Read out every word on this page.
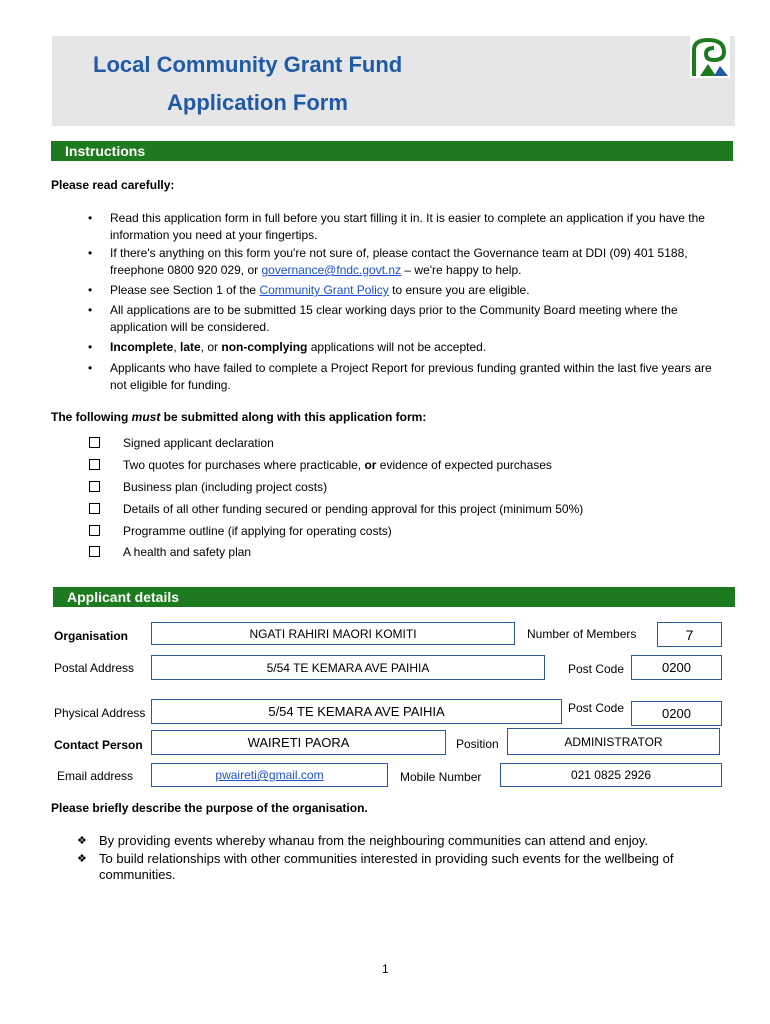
Local Community Grant Fund
Application Form
Instructions
Please read carefully:
• Read this application form in full before you start filling it in. It is easier to complete an application if you have the information you need at your fingertips.
• If there's anything on this form you're not sure of, please contact the Governance team at DDI (09) 401 5188, freephone 0800 920 029, or governance@fndc.govt.nz – we're happy to help.
• Please see Section 1 of the Community Grant Policy to ensure you are eligible.
• All applications are to be submitted 15 clear working days prior to the Community Board meeting where the application will be considered.
• Incomplete, late, or non-complying applications will not be accepted.
• Applicants who have failed to complete a Project Report for previous funding granted within the last five years are not eligible for funding.
The following must be submitted along with this application form:
Signed applicant declaration
Two quotes for purchases where practicable, or evidence of expected purchases
Business plan (including project costs)
Details of all other funding secured or pending approval for this project (minimum 50%)
Programme outline (if applying for operating costs)
A health and safety plan
Applicant details
Organisation	NGATI RAHIRI MAORI KOMITI	Number of Members	7
Postal Address	5/54 TE KEMARA AVE PAIHIA	Post Code	0200
Physical Address	5/54 TE KEMARA AVE PAIHIA	Post Code	0200
Contact Person	WAIRETI PAORA	Position	ADMINISTRATOR
Email address	pwaireti@gmail.com	Mobile Number	021 0825 2926
Please briefly describe the purpose of the organisation.
❖ By providing events whereby whanau from the neighbouring communities can attend and enjoy.
❖ To build relationships with other communities interested in providing such events for the wellbeing of communities.
1
